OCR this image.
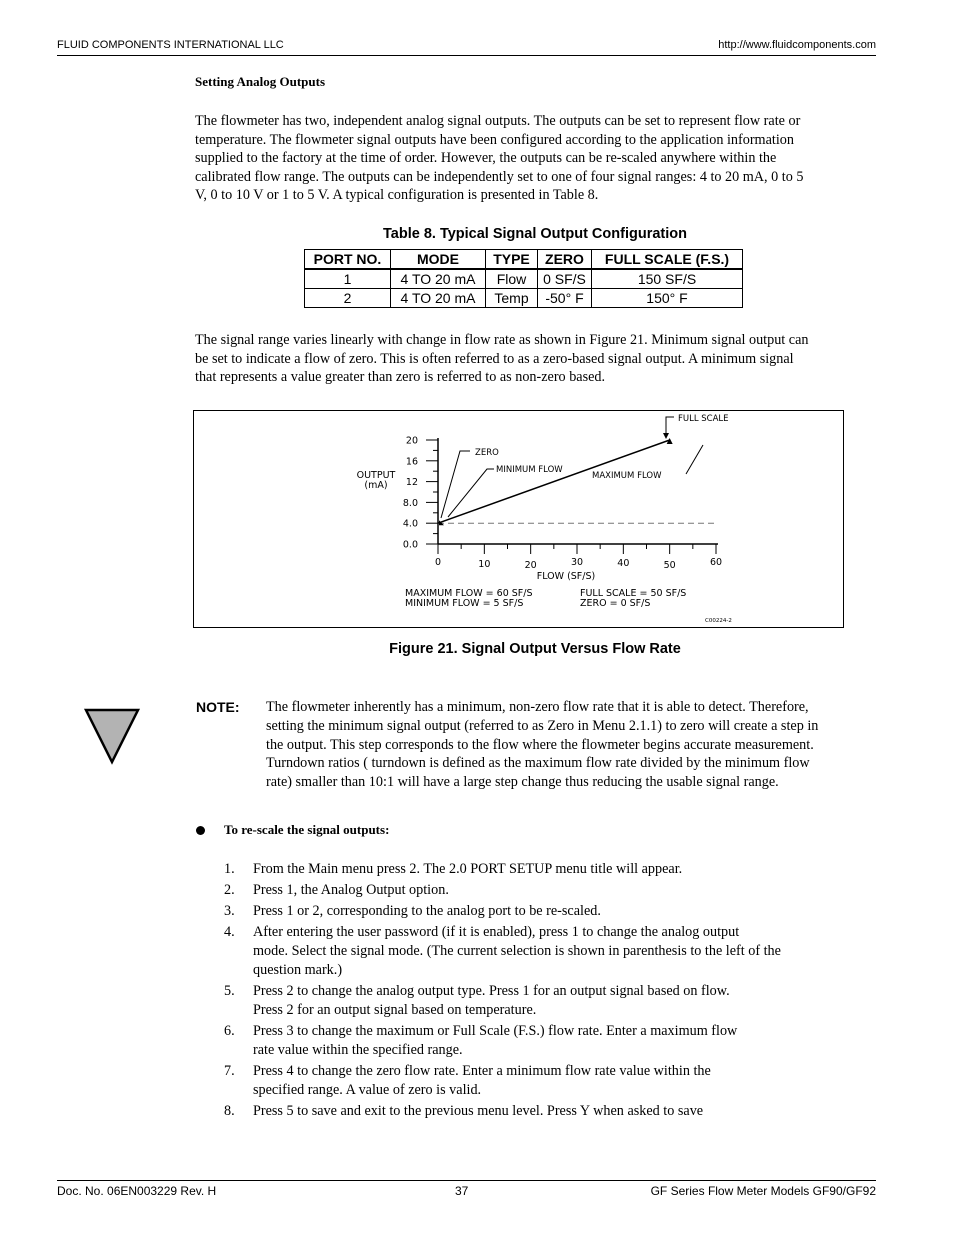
FLUID COMPONENTS INTERNATIONAL LLC	http://www.fluidcomponents.com
Setting Analog Outputs
The flowmeter has two, independent analog signal outputs. The outputs can be set to represent flow rate or
temperature. The flowmeter signal outputs have been configured according to the application information
supplied to the factory at the time of order. However, the outputs can be re-scaled anywhere within the
calibrated flow range. The outputs can be independently set to one of four signal ranges: 4 to 20 mA, 0 to 5
V, 0 to 10 V or 1 to 5 V. A typical configuration is presented in Table 8.
Table 8. Typical Signal Output Configuration
PORT NO.	MODE	TYPE	ZERO	FULL SCALE (F.S.)
1	4 TO 20 mA	Flow	0 SF/S	150 SF/S
2	4 TO 20 mA	Temp	-50° F	150° F
The signal range varies linearly with change in flow rate as shown in Figure 21. Minimum signal output can
be set to indicate a flow of zero. This is often referred to as a zero-based signal output. A minimum signal
that represents a value greater than zero is referred to as non-zero based.
0.0
4.0
8.0
12
16
20
0	10	20	30	40	50	60
OUTPUT
(mA)
FLOW (SF/S)
FULL SCALE
ZERO
MINIMUM FLOW
MAXIMUM FLOW
MAXIMUM FLOW = 60 SF/S
MINIMUM FLOW = 5 SF/S
FULL SCALE = 50 SF/S
ZERO = 0 SF/S
C00224-2
Figure 21. Signal Output Versus Flow Rate
NOTE: The flowmeter inherently has a minimum, non-zero flow rate that it is able to detect. Therefore,
setting the minimum signal output (referred to as Zero in Menu 2.1.1) to zero will create a step in
the output. This step corresponds to the flow where the flowmeter begins accurate measurement.
Turndown ratios ( turndown is defined as the maximum flow rate divided by the minimum flow
rate) smaller than 10:1 will have a large step change thus reducing the usable signal range.
To re-scale the signal outputs:
1. From the Main menu press 2. The 2.0 PORT SETUP menu title will appear.
2. Press 1, the Analog Output option.
3. Press 1 or 2, corresponding to the analog port to be re-scaled.
4. After entering the user password (if it is enabled), press 1 to change the analog output
mode. Select the signal mode. (The current selection is shown in parenthesis to the left of the
question mark.)
5. Press 2 to change the analog output type. Press 1 for an output signal based on flow.
Press 2 for an output signal based on temperature.
6. Press 3 to change the maximum or Full Scale (F.S.) flow rate. Enter a maximum flow
rate value within the specified range.
7. Press 4 to change the zero flow rate. Enter a minimum flow rate value within the
specified range. A value of zero is valid.
8. Press 5 to save and exit to the previous menu level. Press Y when asked to save
Doc. No. 06EN003229 Rev. H	37	GF Series Flow Meter Models GF90/GF92
